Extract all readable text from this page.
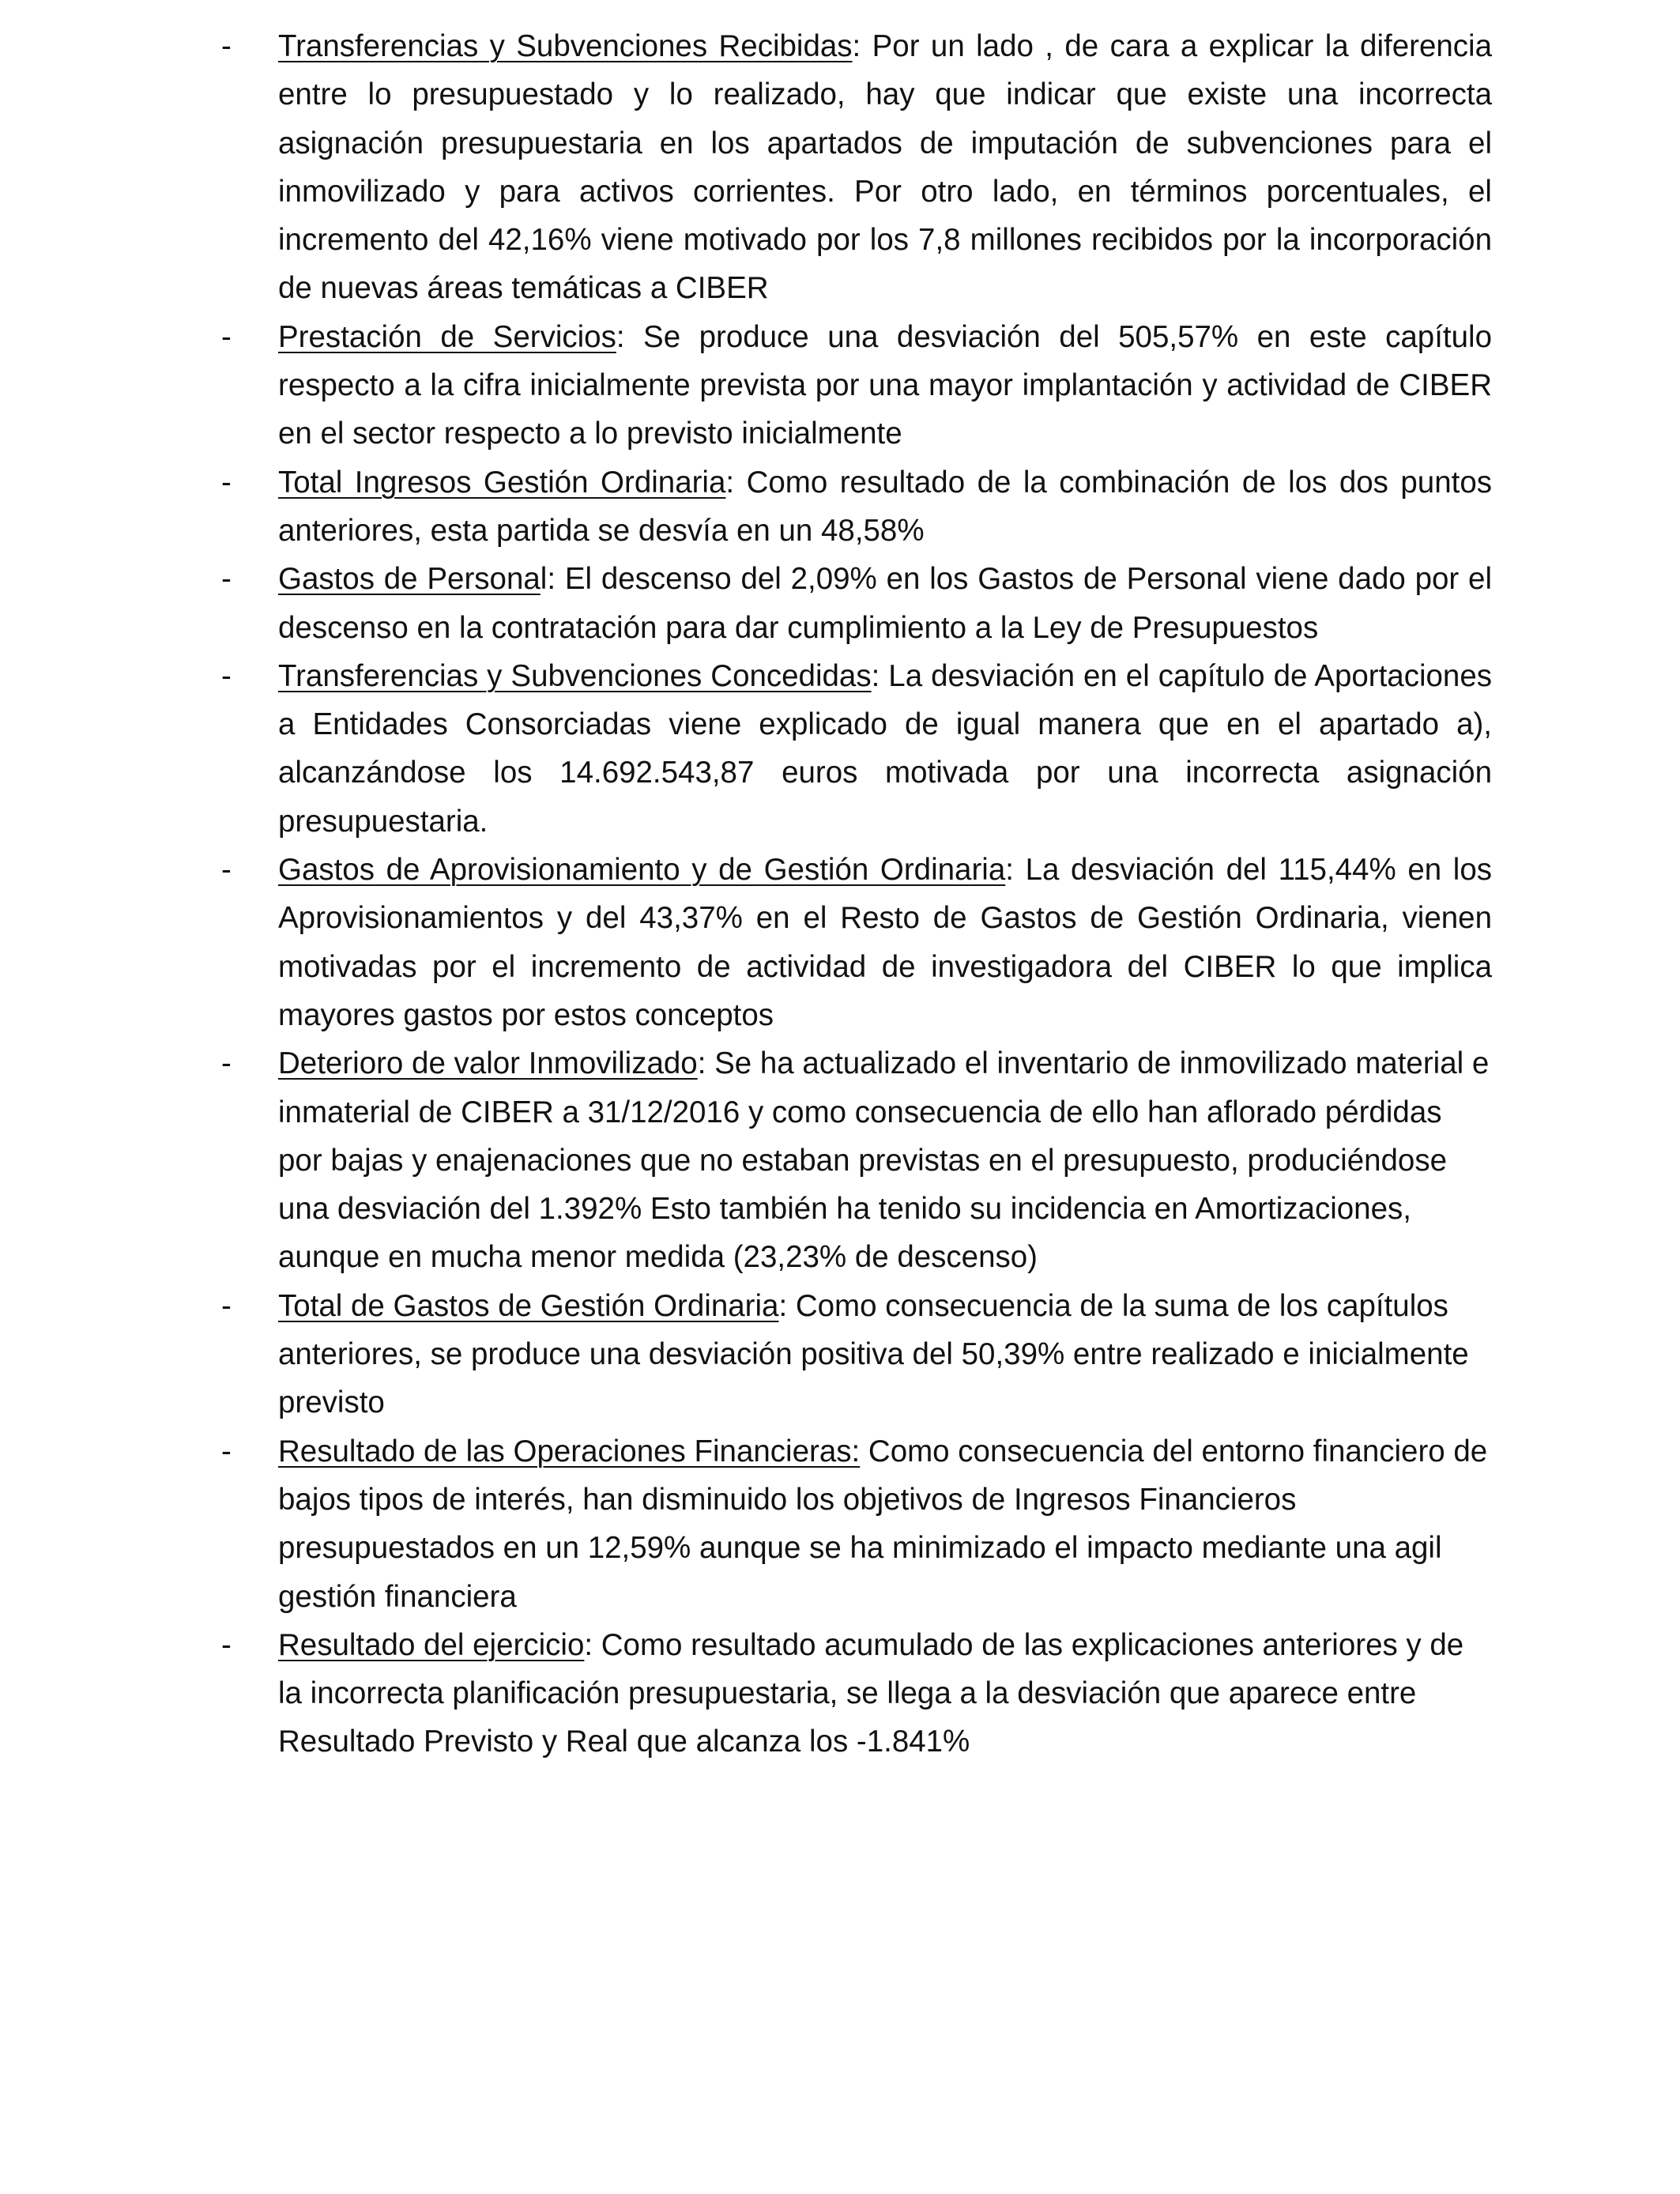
- Transferencias y Subvenciones Recibidas: Por un lado , de cara a explicar la diferencia entre lo presupuestado y lo realizado, hay que indicar que existe una incorrecta asignación presupuestaria en los apartados de imputación de subvenciones para el inmovilizado y para activos corrientes. Por otro lado, en términos porcentuales, el incremento del 42,16% viene motivado por los 7,8 millones recibidos por la incorporación de nuevas áreas temáticas a CIBER
- Prestación de Servicios: Se produce una desviación del 505,57% en este capítulo respecto a la cifra inicialmente prevista por una mayor implantación y actividad de CIBER en el sector respecto a lo previsto inicialmente
- Total Ingresos Gestión Ordinaria: Como resultado de la combinación de los dos puntos anteriores, esta partida se desvía en un 48,58%
- Gastos de Personal: El descenso del 2,09% en los Gastos de Personal viene dado por el descenso en la contratación para dar cumplimiento a la Ley de Presupuestos
- Transferencias y Subvenciones Concedidas: La desviación en el capítulo de Aportaciones a Entidades Consorciadas viene explicado de igual manera que en el apartado a), alcanzándose los 14.692.543,87 euros motivada por una incorrecta asignación presupuestaria.
- Gastos de Aprovisionamiento y de Gestión Ordinaria: La desviación del 115,44% en los Aprovisionamientos y del 43,37% en el Resto de Gastos de Gestión Ordinaria, vienen motivadas por el incremento de actividad de investigadora del CIBER lo que implica mayores gastos por estos conceptos
- Deterioro de valor Inmovilizado: Se ha actualizado el inventario de inmovilizado material e inmaterial de CIBER a 31/12/2016 y como consecuencia de ello han aflorado pérdidas por bajas y enajenaciones que no estaban previstas en el presupuesto, produciéndose una desviación del 1.392% Esto también ha tenido su incidencia en Amortizaciones, aunque en mucha menor medida (23,23% de descenso)
- Total de Gastos de Gestión Ordinaria: Como consecuencia de la suma de los capítulos anteriores, se produce una desviación positiva del 50,39% entre realizado e inicialmente previsto
- Resultado de las Operaciones Financieras: Como consecuencia del entorno financiero de bajos tipos de interés, han disminuido los objetivos de Ingresos Financieros presupuestados en un 12,59% aunque se ha minimizado el impacto mediante una agil gestión financiera
- Resultado del ejercicio: Como resultado acumulado de las explicaciones anteriores y de la incorrecta planificación presupuestaria, se llega a la desviación que aparece entre Resultado Previsto y Real que alcanza los -1.841%
